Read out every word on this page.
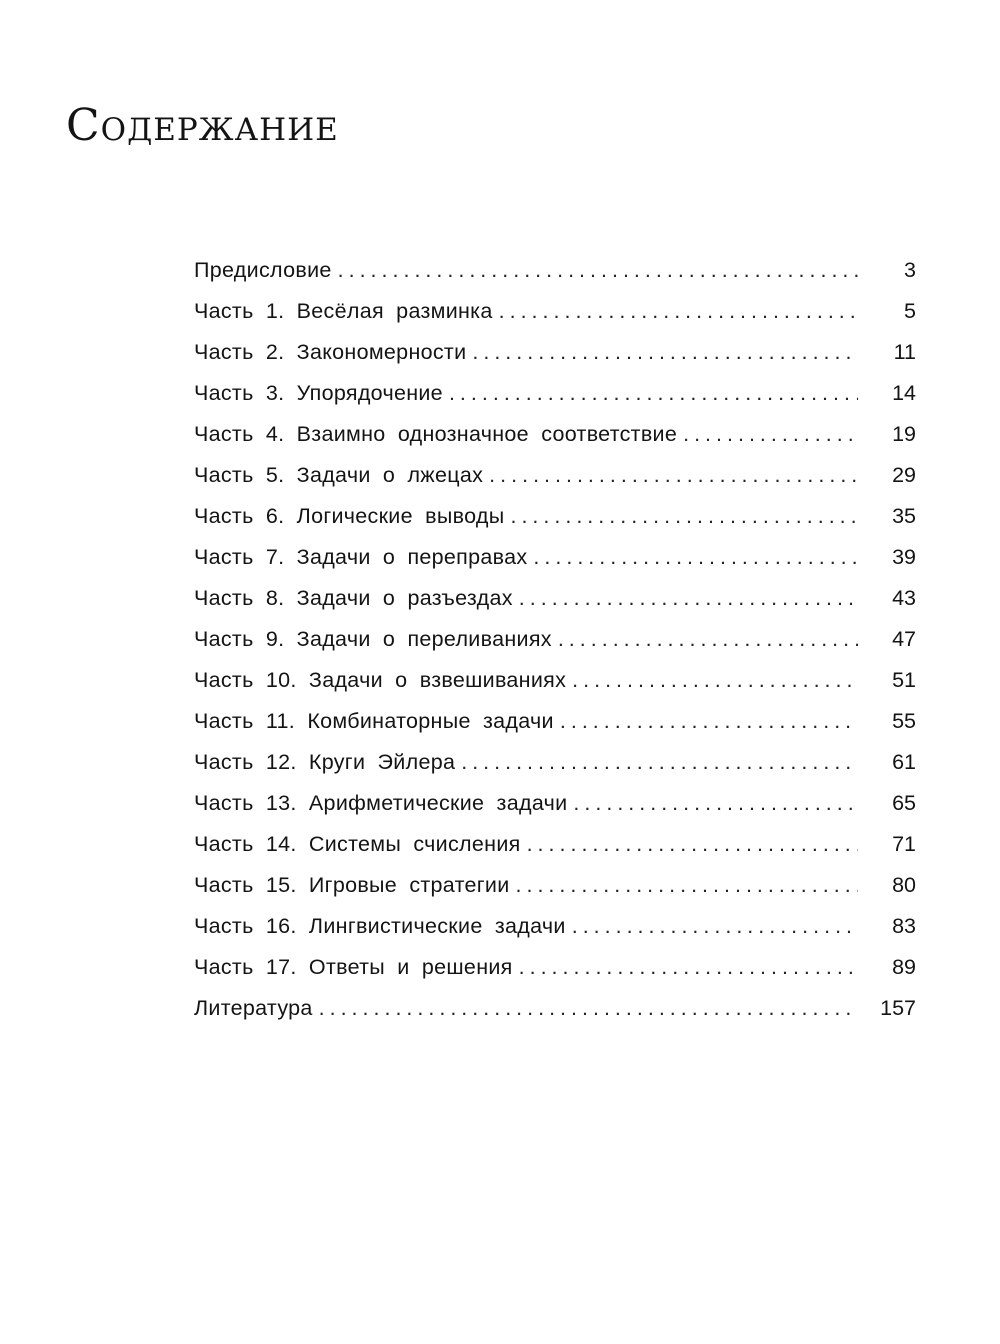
Содержание
Предисловие .....	3
Часть 1. Весёлая разминка .....	5
Часть 2. Закономерности .....	11
Часть 3. Упорядочение .....	14
Часть 4. Взаимно однозначное соответствие .....	19
Часть 5. Задачи о лжецах .....	29
Часть 6. Логические выводы .....	35
Часть 7. Задачи о переправах .....	39
Часть 8. Задачи о разъездах .....	43
Часть 9. Задачи о переливаниях .....	47
Часть 10. Задачи о взвешиваниях .....	51
Часть 11. Комбинаторные задачи .....	55
Часть 12. Круги Эйлера .....	61
Часть 13. Арифметические задачи .....	65
Часть 14. Системы счисления .....	71
Часть 15. Игровые стратегии .....	80
Часть 16. Лингвистические задачи .....	83
Часть 17. Ответы и решения .....	89
Литература .....	157
